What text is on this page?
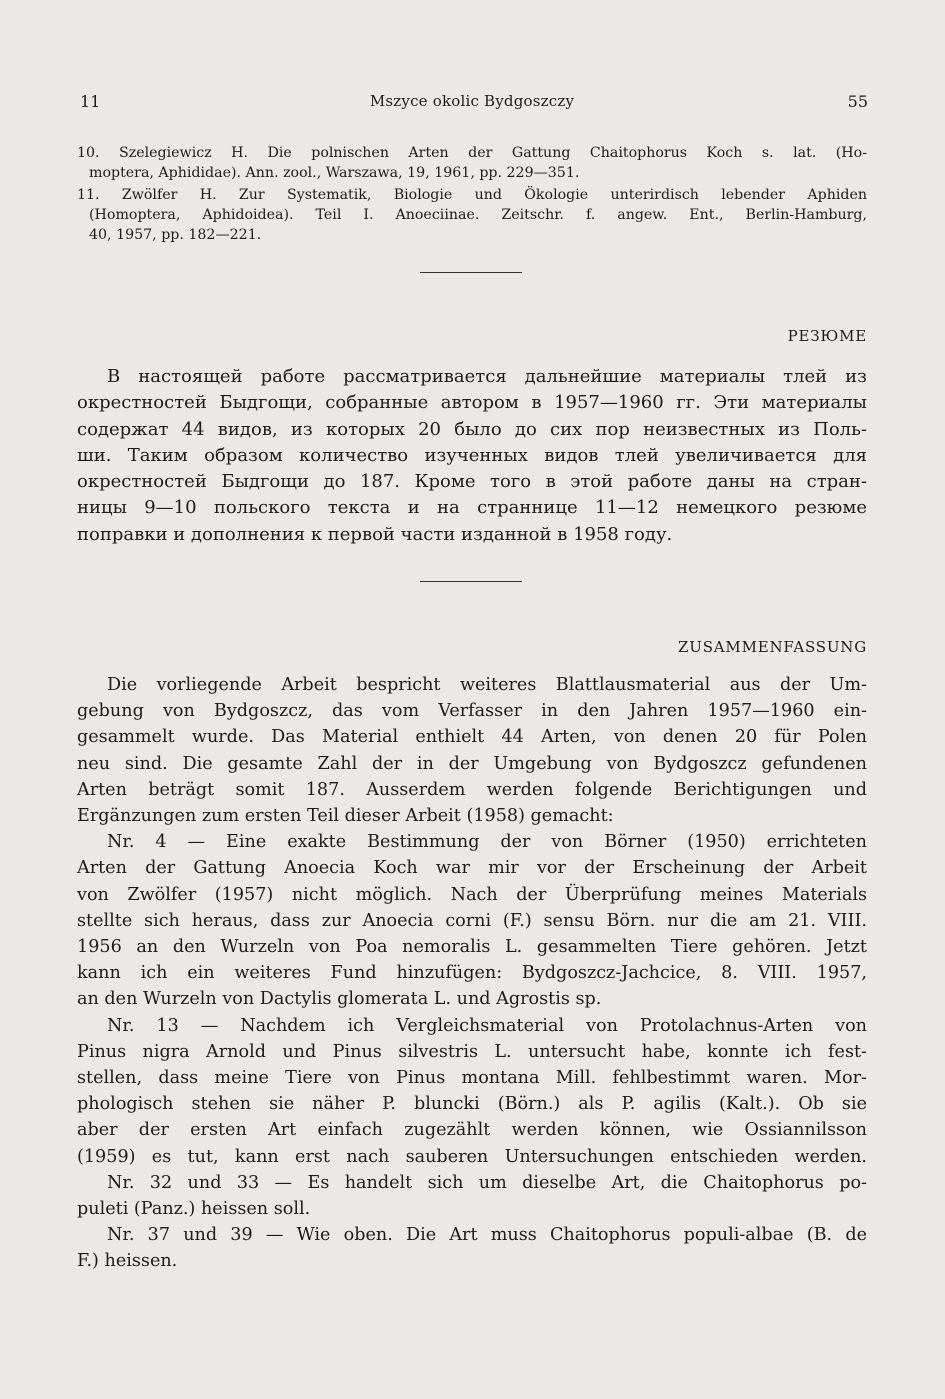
11	Mszyce okolic Bydgoszczy	55
10. Szelegiewicz H. Die polnischen Arten der Gattung Chaitophorus Koch s. lat. (Ho-
moptera, Aphididae). Ann. zool., Warszawa, 19, 1961, pp. 229—351.
11. Zwölfer H. Zur Systematik, Biologie und Ökologie unterirdisch lebender Aphiden
(Homoptera, Aphidoidea). Teil I. Anoeciinae. Zeitschr. f. angew. Ent., Berlin-Hamburg,
40, 1957, pp. 182—221.
РЕЗЮМЕ
В настоящей работе рассматривается дальнейшие материалы тлей из
окрестностей Быдгощи, собранные автором в 1957—1960 гг. Эти материалы
содержат 44 видов, из которых 20 было до сих пор неизвестных из Поль-
ши. Таким образом количество изученных видов тлей увеличивается для
окрестностей Быдгощи до 187. Кроме того в этой работе даны на стран-
ницы 9—10 польского текста и на страннице 11—12 немецкого резюме
поправки и дополнения к первой части изданной в 1958 году.
ZUSAMMENFASSUNG
Die vorliegende Arbeit bespricht weiteres Blattlausmaterial aus der Um-
gebung von Bydgoszcz, das vom Verfasser in den Jahren 1957—1960 ein-
gesammelt wurde. Das Material enthielt 44 Arten, von denen 20 für Polen
neu sind. Die gesamte Zahl der in der Umgebung von Bydgoszcz gefundenen
Arten beträgt somit 187. Ausserdem werden folgende Berichtigungen und
Ergänzungen zum ersten Teil dieser Arbeit (1958) gemacht:
Nr. 4 — Eine exakte Bestimmung der von Börner (1950) errichteten
Arten der Gattung Anoecia Koch war mir vor der Erscheinung der Arbeit
von Zwölfer (1957) nicht möglich. Nach der Überprüfung meines Materials
stellte sich heraus, dass zur Anoecia corni (F.) sensu Börn. nur die am 21. VIII.
1956 an den Wurzeln von Poa nemoralis L. gesammelten Tiere gehören. Jetzt
kann ich ein weiteres Fund hinzufügen: Bydgoszcz-Jachcice, 8. VIII. 1957,
an den Wurzeln von Dactylis glomerata L. und Agrostis sp.
Nr. 13 — Nachdem ich Vergleichsmaterial von Protolachnus-Arten von
Pinus nigra Arnold und Pinus silvestris L. untersucht habe, konnte ich fest-
stellen, dass meine Tiere von Pinus montana Mill. fehlbestimmt waren. Mor-
phologisch stehen sie näher P. bluncki (Börn.) als P. agilis (Kalt.). Ob sie
aber der ersten Art einfach zugezählt werden können, wie Ossiannilsson
(1959) es tut, kann erst nach sauberen Untersuchungen entschieden werden.
Nr. 32 und 33 — Es handelt sich um dieselbe Art, die Chaitophorus po-
puleti (Panz.) heissen soll.
Nr. 37 und 39 — Wie oben. Die Art muss Chaitophorus populi-albae (B. de
F.) heissen.
